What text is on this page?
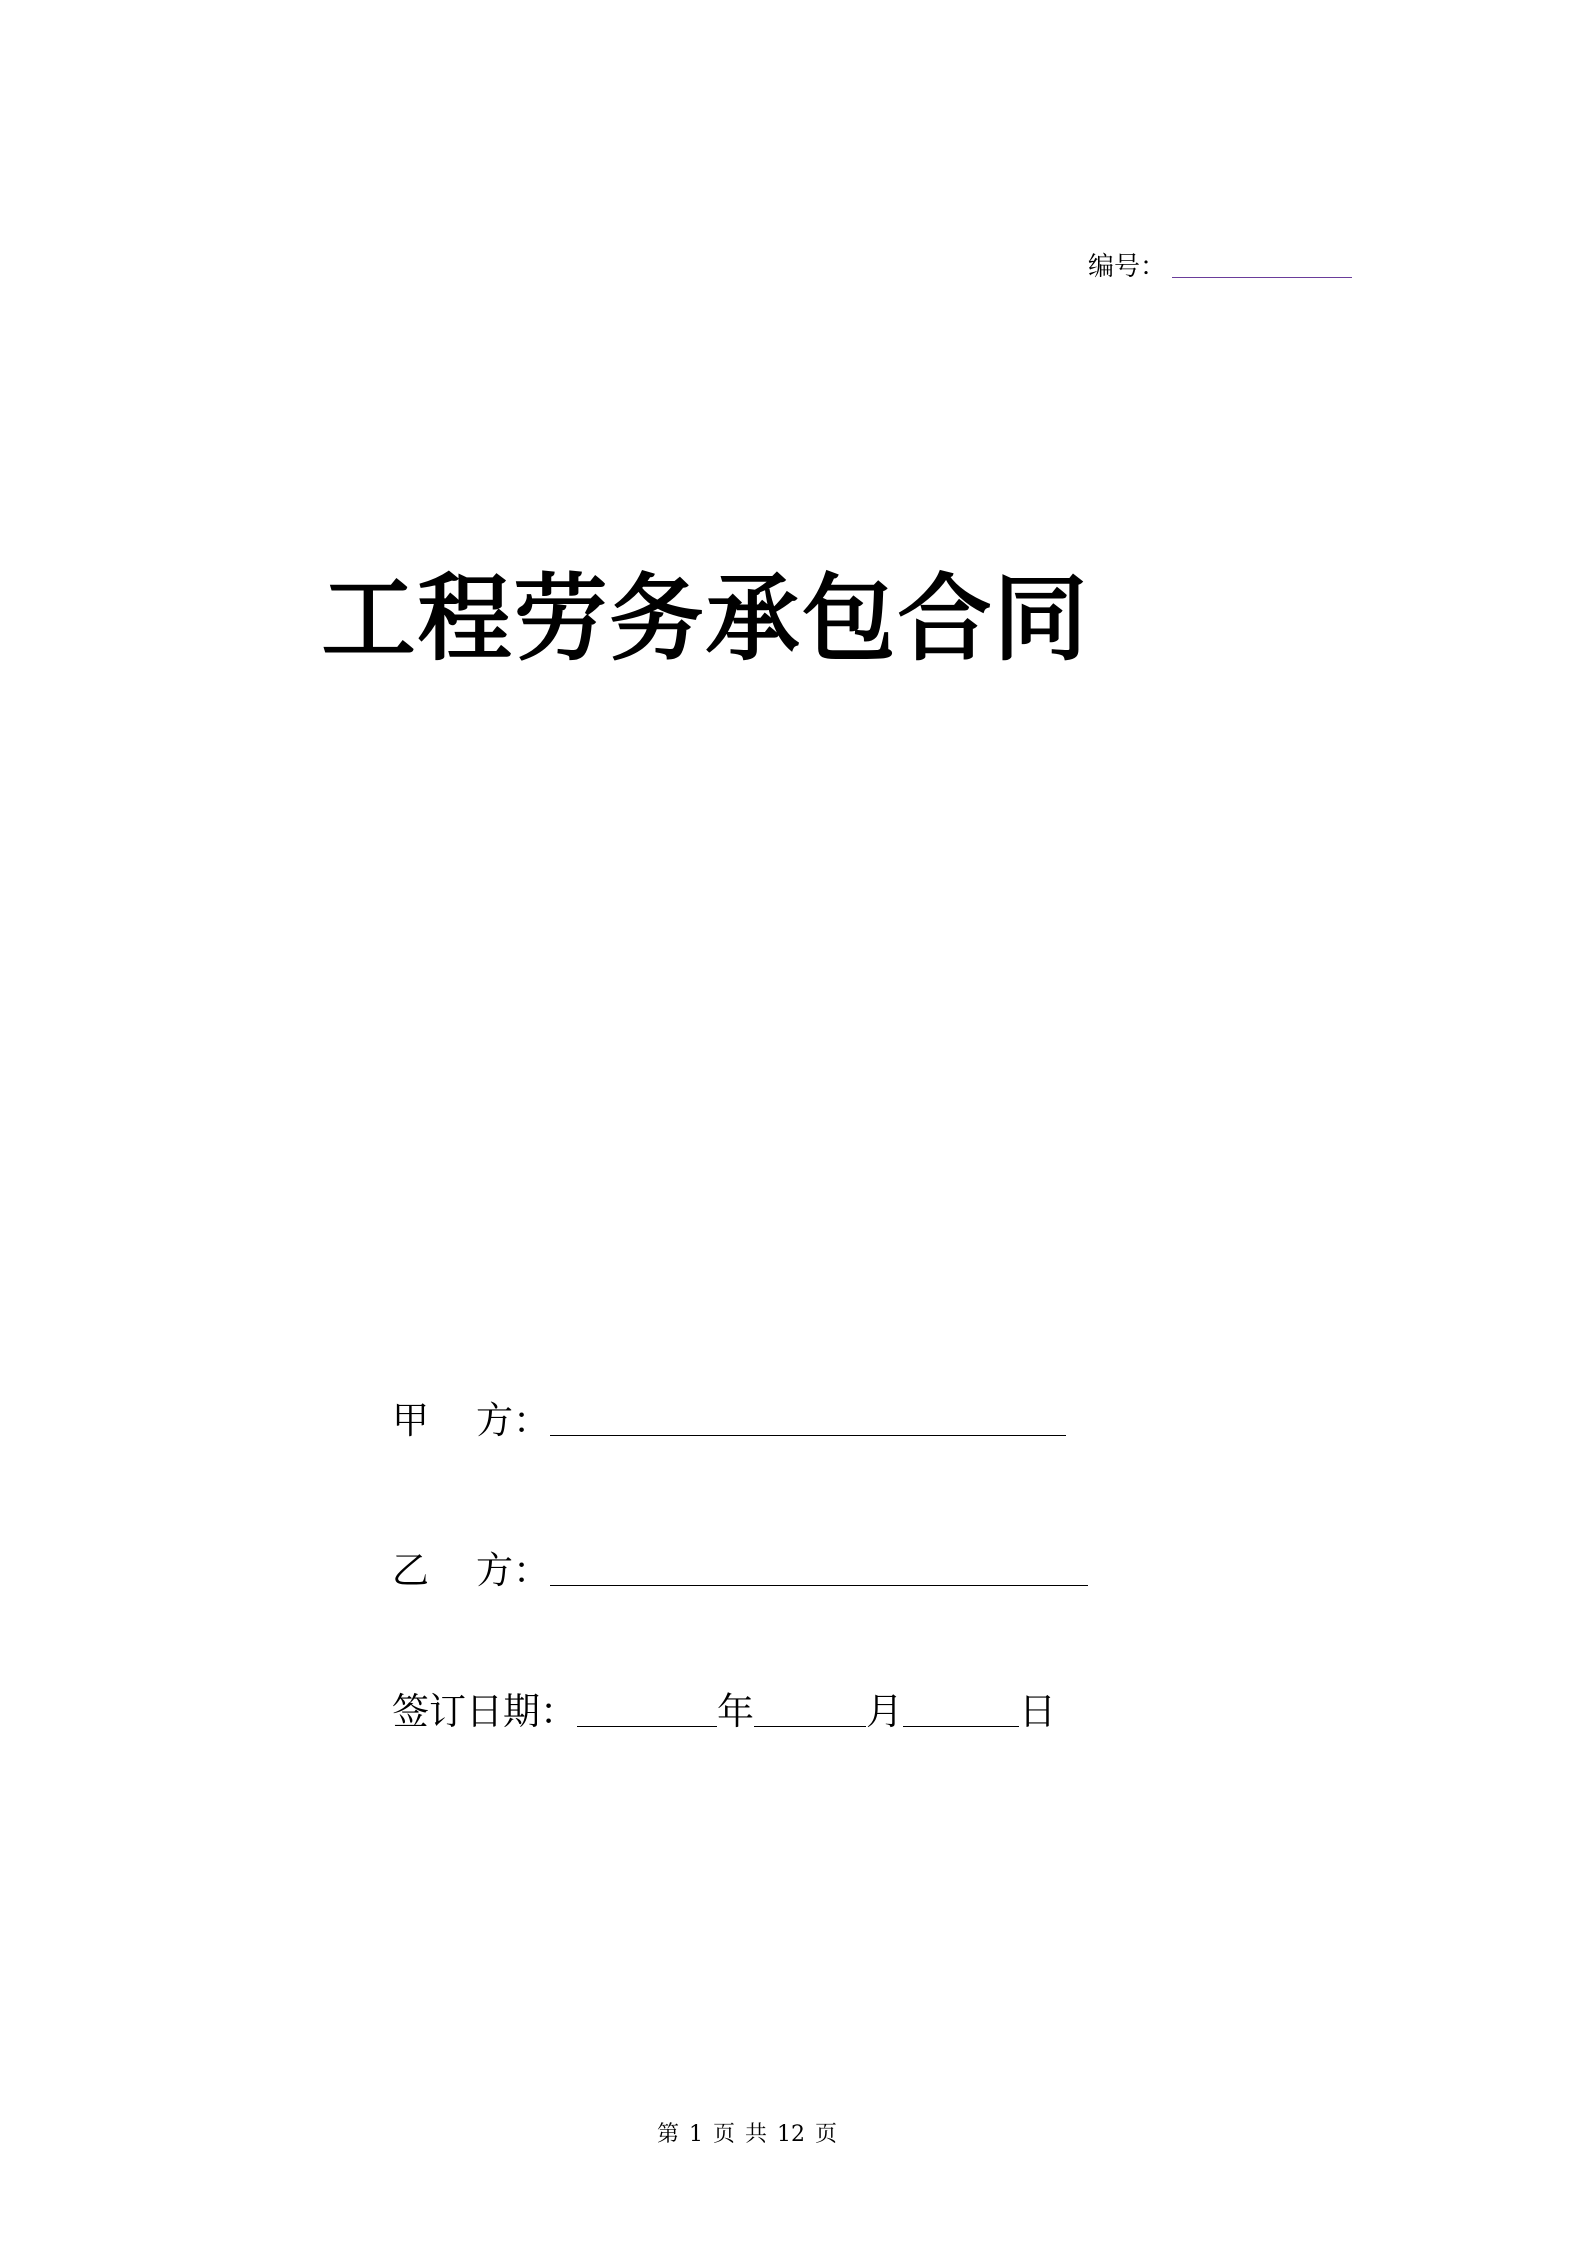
编号：
工程劳务承包合同
甲    方：
乙    方：
签订日期：	年	月	日
第 1 页 共 12 页
